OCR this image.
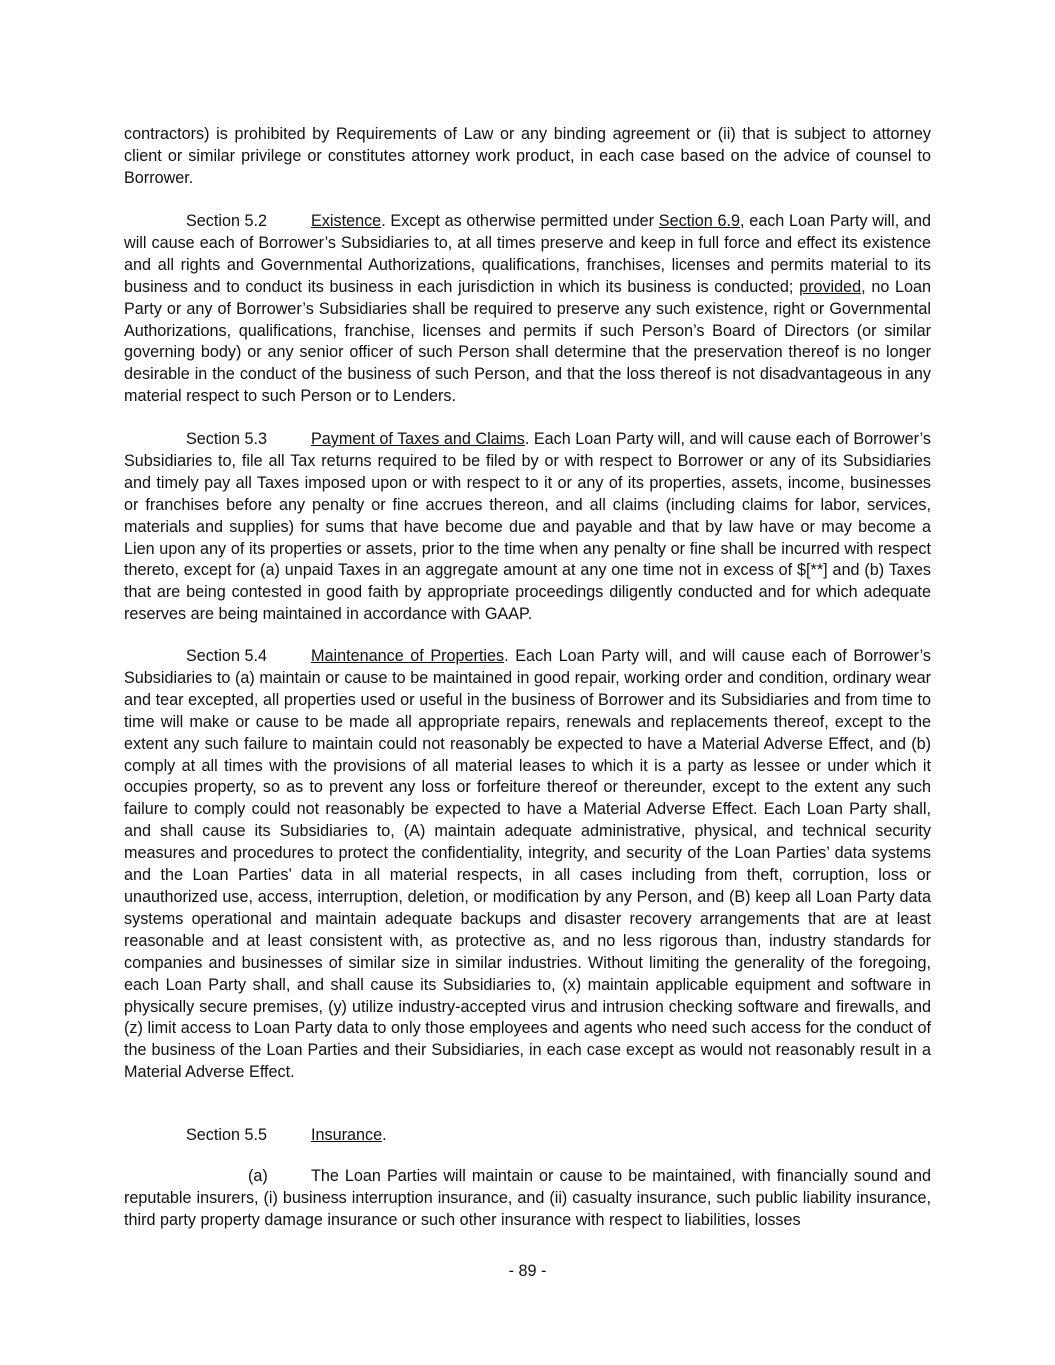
contractors) is prohibited by Requirements of Law or any binding agreement or (ii) that is subject to attorney client or similar privilege or constitutes attorney work product, in each case based on the advice of counsel to Borrower.

Section 5.2	Existence. Except as otherwise permitted under Section 6.9, each Loan Party will, and will cause each of Borrower’s Subsidiaries to, at all times preserve and keep in full force and effect its existence and all rights and Governmental Authorizations, qualifications, franchises, licenses and permits material to its business and to conduct its business in each jurisdiction in which its business is conducted; provided, no Loan Party or any of Borrower’s Subsidiaries shall be required to preserve any such existence, right or Governmental Authorizations, qualifications, franchise, licenses and permits if such Person’s Board of Directors (or similar governing body) or any senior officer of such Person shall determine that the preservation thereof is no longer desirable in the conduct of the business of such Person, and that the loss thereof is not disadvantageous in any material respect to such Person or to Lenders.

Section 5.3	Payment of Taxes and Claims. Each Loan Party will, and will cause each of Borrower’s Subsidiaries to, file all Tax returns required to be filed by or with respect to Borrower or any of its Subsidiaries and timely pay all Taxes imposed upon or with respect to it or any of its properties, assets, income, businesses or franchises before any penalty or fine accrues thereon, and all claims (including claims for labor, services, materials and supplies) for sums that have become due and payable and that by law have or may become a Lien upon any of its properties or assets, prior to the time when any penalty or fine shall be incurred with respect thereto, except for (a) unpaid Taxes in an aggregate amount at any one time not in excess of $[**] and (b) Taxes that are being contested in good faith by appropriate proceedings diligently conducted and for which adequate reserves are being maintained in accordance with GAAP.

Section 5.4	Maintenance of Properties. Each Loan Party will, and will cause each of Borrower’s Subsidiaries to (a) maintain or cause to be maintained in good repair, working order and condition, ordinary wear and tear excepted, all properties used or useful in the business of Borrower and its Subsidiaries and from time to time will make or cause to be made all appropriate repairs, renewals and replacements thereof, except to the extent any such failure to maintain could not reasonably be expected to have a Material Adverse Effect, and (b) comply at all times with the provisions of all material leases to which it is a party as lessee or under which it occupies property, so as to prevent any loss or forfeiture thereof or thereunder, except to the extent any such failure to comply could not reasonably be expected to have a Material Adverse Effect. Each Loan Party shall, and shall cause its Subsidiaries to, (A) maintain adequate administrative, physical, and technical security measures and procedures to protect the confidentiality, integrity, and security of the Loan Parties’ data systems and the Loan Parties’ data in all material respects, in all cases including from theft, corruption, loss or unauthorized use, access, interruption, deletion, or modification by any Person, and (B) keep all Loan Party data systems operational and maintain adequate backups and disaster recovery arrangements that are at least reasonable and at least consistent with, as protective as, and no less rigorous than, industry standards for companies and businesses of similar size in similar industries. Without limiting the generality of the foregoing, each Loan Party shall, and shall cause its Subsidiaries to, (x) maintain applicable equipment and software in physically secure premises, (y) utilize industry-accepted virus and intrusion checking software and firewalls, and (z) limit access to Loan Party data to only those employees and agents who need such access for the conduct of the business of the Loan Parties and their Subsidiaries, in each case except as would not reasonably result in a Material Adverse Effect.

Section 5.5	Insurance.

(a)	The Loan Parties will maintain or cause to be maintained, with financially sound and reputable insurers, (i) business interruption insurance, and (ii) casualty insurance, such public liability insurance, third party property damage insurance or such other insurance with respect to liabilities, losses

- 89 -
